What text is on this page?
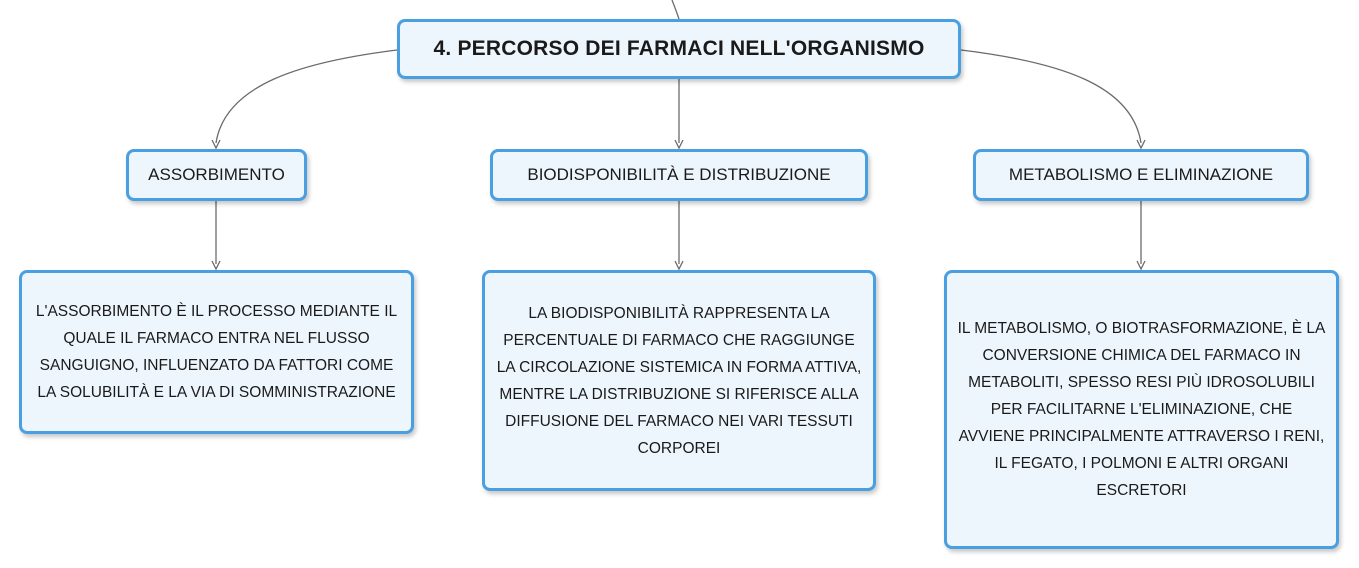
4. PERCORSO DEI FARMACI NELL'ORGANISMO
ASSORBIMENTO	BIODISPONIBILITÀ E DISTRIBUZIONE	METABOLISMO E ELIMINAZIONE
L'ASSORBIMENTO È IL PROCESSO MEDIANTE IL QUALE IL FARMACO ENTRA NEL FLUSSO SANGUIGNO, INFLUENZATO DA FATTORI COME LA SOLUBILITÀ E LA VIA DI SOMMINISTRAZIONE
LA BIODISPONIBILITÀ RAPPRESENTA LA PERCENTUALE DI FARMACO CHE RAGGIUNGE LA CIRCOLAZIONE SISTEMICA IN FORMA ATTIVA, MENTRE LA DISTRIBUZIONE SI RIFERISCE ALLA DIFFUSIONE DEL FARMACO NEI VARI TESSUTI CORPOREI
IL METABOLISMO, O BIOTRASFORMAZIONE, È LA CONVERSIONE CHIMICA DEL FARMACO IN METABOLITI, SPESSO RESI PIÙ IDROSOLUBILI PER FACILITARNE L'ELIMINAZIONE, CHE AVVIENE PRINCIPALMENTE ATTRAVERSO I RENI, IL FEGATO, I POLMONI E ALTRI ORGANI ESCRETORI
